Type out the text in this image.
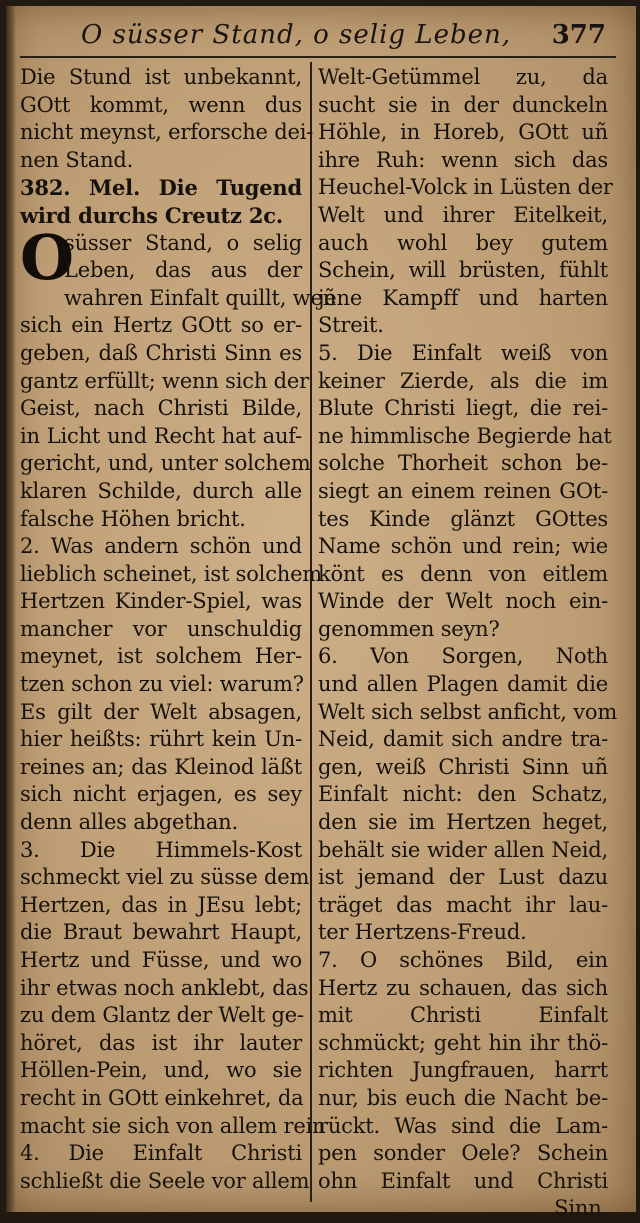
O süsser Stand, o selig Leben,	377
Die Stund ist unbekannt,
GOtt kommt, wenn dus
nicht meynst, erforsche dei-
nen Stand.
382. Mel. Die Tugend
wird durchs Creutz 2c.
O
süsser Stand, o selig
Leben, das aus der
wahren Einfalt quillt, weñ
sich ein Hertz GOtt so er-
geben, daß Christi Sinn es
gantz erfüllt; wenn sich der
Geist, nach Christi Bilde,
in Licht und Recht hat auf-
gericht, und, unter solchem
klaren Schilde, durch alle
falsche Höhen bricht.
2. Was andern schön und
lieblich scheinet, ist solchem
Hertzen Kinder-Spiel, was
mancher vor unschuldig
meynet, ist solchem Her-
tzen schon zu viel: warum?
Es gilt der Welt absagen,
hier heißts: rührt kein Un-
reines an; das Kleinod läßt
sich nicht erjagen, es sey
denn alles abgethan.
3. Die Himmels-Kost
schmeckt viel zu süsse dem
Hertzen, das in JEsu lebt;
die Braut bewahrt Haupt,
Hertz und Füsse, und wo
ihr etwas noch anklebt, das
zu dem Glantz der Welt ge-
höret, das ist ihr lauter
Höllen-Pein, und, wo sie
recht in GOtt einkehret, da
macht sie sich von allem rein
4. Die Einfalt Christi
schließt die Seele vor allem
Welt-Getümmel zu, da
sucht sie in der dunckeln
Höhle, in Horeb, GOtt uñ
ihre Ruh: wenn sich das
Heuchel-Volck in Lüsten der
Welt und ihrer Eitelkeit,
auch wohl bey gutem
Schein, will brüsten, fühlt
jene Kampff und harten
Streit.
5. Die Einfalt weiß von
keiner Zierde, als die im
Blute Christi liegt, die rei-
ne himmlische Begierde hat
solche Thorheit schon be-
siegt an einem reinen GOt-
tes Kinde glänzt GOttes
Name schön und rein; wie
könt es denn von eitlem
Winde der Welt noch ein-
genommen seyn?
6. Von Sorgen, Noth
und allen Plagen damit die
Welt sich selbst anficht, vom
Neid, damit sich andre tra-
gen, weiß Christi Sinn uñ
Einfalt nicht: den Schatz,
den sie im Hertzen heget,
behält sie wider allen Neid,
ist jemand der Lust dazu
träget das macht ihr lau-
ter Hertzens-Freud.
7. O schönes Bild, ein
Hertz zu schauen, das sich
mit Christi Einfalt
schmückt; geht hin ihr thö-
richten Jungfrauen, harrt
nur, bis euch die Nacht be-
rückt. Was sind die Lam-
pen sonder Oele? Schein
ohn Einfalt und Christi
Sinn.
